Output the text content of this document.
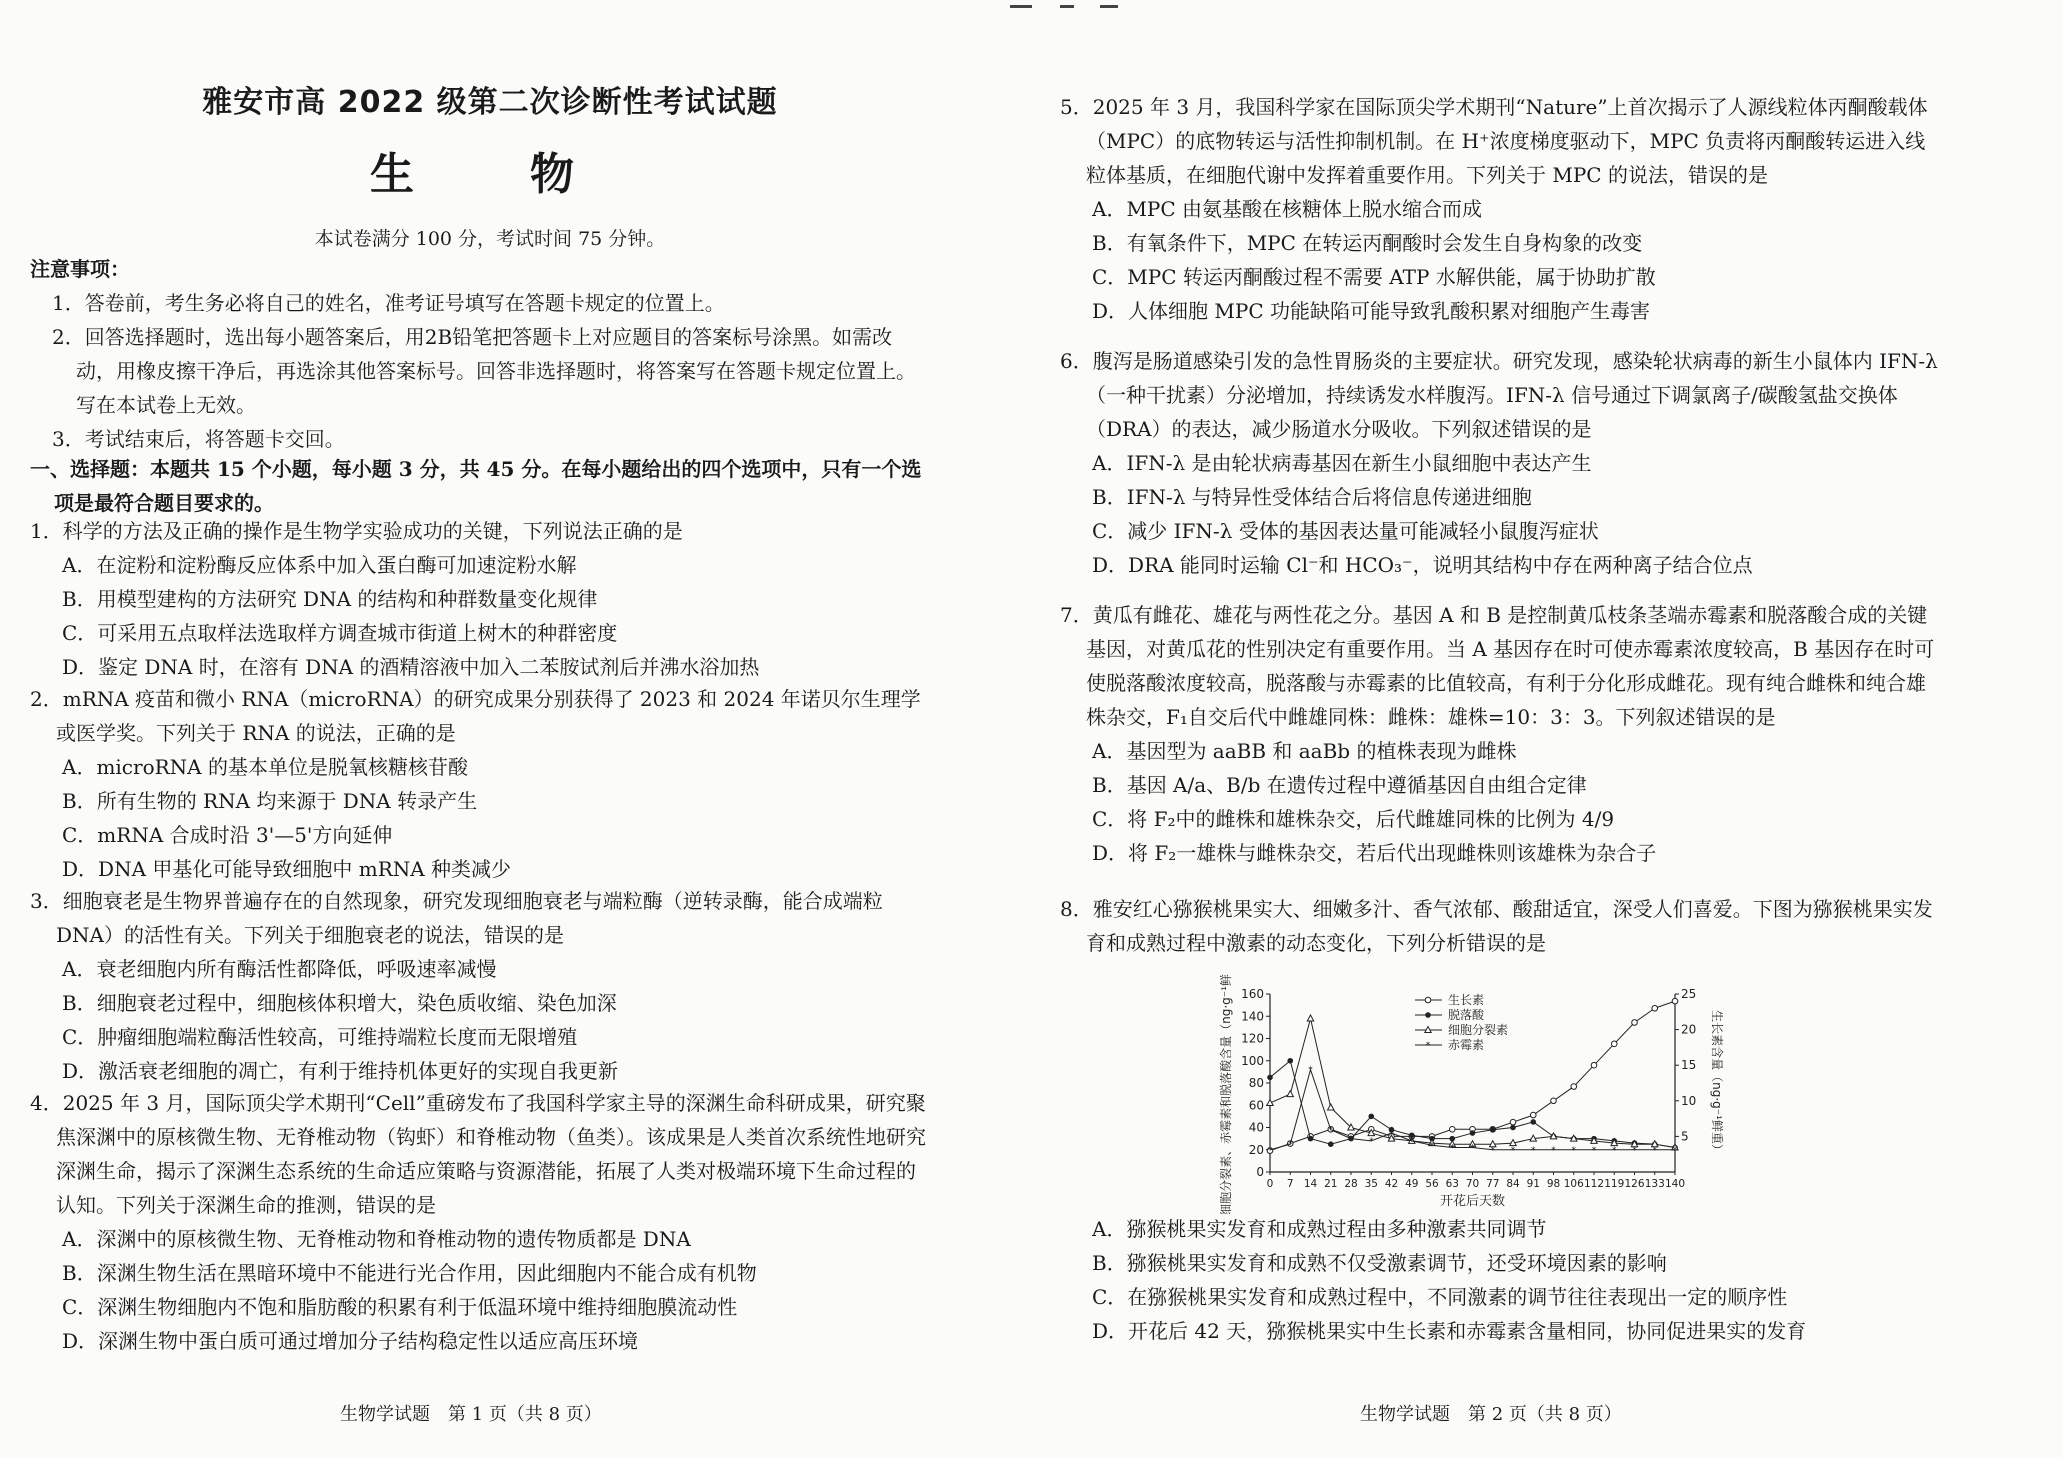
雅安市高 2022 级第二次诊断性考试试题
生　物
本试卷满分 100 分，考试时间 75 分钟。
注意事项：
1．答卷前，考生务必将自己的姓名，准考证号填写在答题卡规定的位置上。
2．回答选择题时，选出每小题答案后，用2B铅笔把答题卡上对应题目的答案标号涂黑。如需改动，用橡皮擦干净后，再选涂其他答案标号。回答非选择题时，将答案写在答题卡规定位置上。写在本试卷上无效。
3．考试结束后，将答题卡交回。
一、选择题：本题共 15 个小题，每小题 3 分，共 45 分。在每小题给出的四个选项中，只有一个选项是最符合题目要求的。
1．科学的方法及正确的操作是生物学实验成功的关键，下列说法正确的是
A．在淀粉和淀粉酶反应体系中加入蛋白酶可加速淀粉水解
B．用模型建构的方法研究 DNA 的结构和种群数量变化规律
C．可采用五点取样法选取样方调查城市街道上树木的种群密度
D．鉴定 DNA 时，在溶有 DNA 的酒精溶液中加入二苯胺试剂后并沸水浴加热
2．mRNA 疫苗和微小 RNA（microRNA）的研究成果分别获得了 2023 和 2024 年诺贝尔生理学或医学奖。下列关于 RNA 的说法，正确的是
A．microRNA 的基本单位是脱氧核糖核苷酸
B．所有生物的 RNA 均来源于 DNA 转录产生
C．mRNA 合成时沿 3'—5'方向延伸
D．DNA 甲基化可能导致细胞中 mRNA 种类减少
3．细胞衰老是生物界普遍存在的自然现象，研究发现细胞衰老与端粒酶（逆转录酶，能合成端粒 DNA）的活性有关。下列关于细胞衰老的说法，错误的是
A．衰老细胞内所有酶活性都降低，呼吸速率减慢
B．细胞衰老过程中，细胞核体积增大，染色质收缩、染色加深
C．肿瘤细胞端粒酶活性较高，可维持端粒长度而无限增殖
D．激活衰老细胞的凋亡，有利于维持机体更好的实现自我更新
4．2025 年 3 月，国际顶尖学术期刊“Cell”重磅发布了我国科学家主导的深渊生命科研成果，研究聚焦深渊中的原核微生物、无脊椎动物（钩虾）和脊椎动物（鱼类）。该成果是人类首次系统性地研究深渊生命，揭示了深渊生态系统的生命适应策略与资源潜能，拓展了人类对极端环境下生命过程的认知。下列关于深渊生命的推测，错误的是
A．深渊中的原核微生物、无脊椎动物和脊椎动物的遗传物质都是 DNA
B．深渊生物生活在黑暗环境中不能进行光合作用，因此细胞内不能合成有机物
C．深渊生物细胞内不饱和脂肪酸的积累有利于低温环境中维持细胞膜流动性
D．深渊生物中蛋白质可通过增加分子结构稳定性以适应高压环境
生物学试题　第 1 页（共 8 页）
5．2025 年 3 月，我国科学家在国际顶尖学术期刊“Nature”上首次揭示了人源线粒体丙酮酸载体（MPC）的底物转运与活性抑制机制。在 H⁺浓度梯度驱动下，MPC 负责将丙酮酸转运进入线粒体基质，在细胞代谢中发挥着重要作用。下列关于 MPC 的说法，错误的是
A．MPC 由氨基酸在核糖体上脱水缩合而成
B．有氧条件下，MPC 在转运丙酮酸时会发生自身构象的改变
C．MPC 转运丙酮酸过程不需要 ATP 水解供能，属于协助扩散
D．人体细胞 MPC 功能缺陷可能导致乳酸积累对细胞产生毒害
6．腹泻是肠道感染引发的急性胃肠炎的主要症状。研究发现，感染轮状病毒的新生小鼠体内 IFN-λ（一种干扰素）分泌增加，持续诱发水样腹泻。IFN-λ 信号通过下调氯离子/碳酸氢盐交换体（DRA）的表达，减少肠道水分吸收。下列叙述错误的是
A．IFN-λ 是由轮状病毒基因在新生小鼠细胞中表达产生
B．IFN-λ 与特异性受体结合后将信息传递进细胞
C．减少 IFN-λ 受体的基因表达量可能减轻小鼠腹泻症状
D．DRA 能同时运输 Cl⁻和 HCO₃⁻，说明其结构中存在两种离子结合位点
7．黄瓜有雌花、雄花与两性花之分。基因 A 和 B 是控制黄瓜枝条茎端赤霉素和脱落酸合成的关键基因，对黄瓜花的性别决定有重要作用。当 A 基因存在时可使赤霉素浓度较高，B 基因存在时可使脱落酸浓度较高，脱落酸与赤霉素的比值较高，有利于分化形成雌花。现有纯合雌株和纯合雄株杂交，F₁自交后代中雌雄同株：雌株：雄株=10：3：3。下列叙述错误的是
A．基因型为 aaBB 和 aaBb 的植株表现为雌株
B．基因 A/a、B/b 在遗传过程中遵循基因自由组合定律
C．将 F₂中的雌株和雄株杂交，后代雌雄同株的比例为 4/9
D．将 F₂一雄株与雌株杂交，若后代出现雌株则该雄株为杂合子
8．雅安红心猕猴桃果实大、细嫩多汁、香气浓郁、酸甜适宜，深受人们喜爱。下图为猕猴桃果实发育和成熟过程中激素的动态变化，下列分析错误的是
A．猕猴桃果实发育和成熟过程由多种激素共同调节
B．猕猴桃果实发育和成熟不仅受激素调节，还受环境因素的影响
C．在猕猴桃果实发育和成熟过程中，不同激素的调节往往表现出一定的顺序性
D．开花后 42 天，猕猴桃果实中生长素和赤霉素含量相同，协同促进果实的发育
生物学试题　第 2 页（共 8 页）
0
20
40
60
80
100
120
140
160
5
10
15
20
25
0 7 14 21 28 35 42 49 56 63 70 77 84 91 98 106 112 119 126 133 140
开花后天数
细胞分裂素、赤霉素和脱落酸含量（ng·g⁻¹鲜重）	生长素含量（ng·g⁻¹鲜重）
*
*
*
*
* *
*
* * * * * * * * * * * * * *
生长素
脱落酸
细胞分裂素
* 赤霉素
